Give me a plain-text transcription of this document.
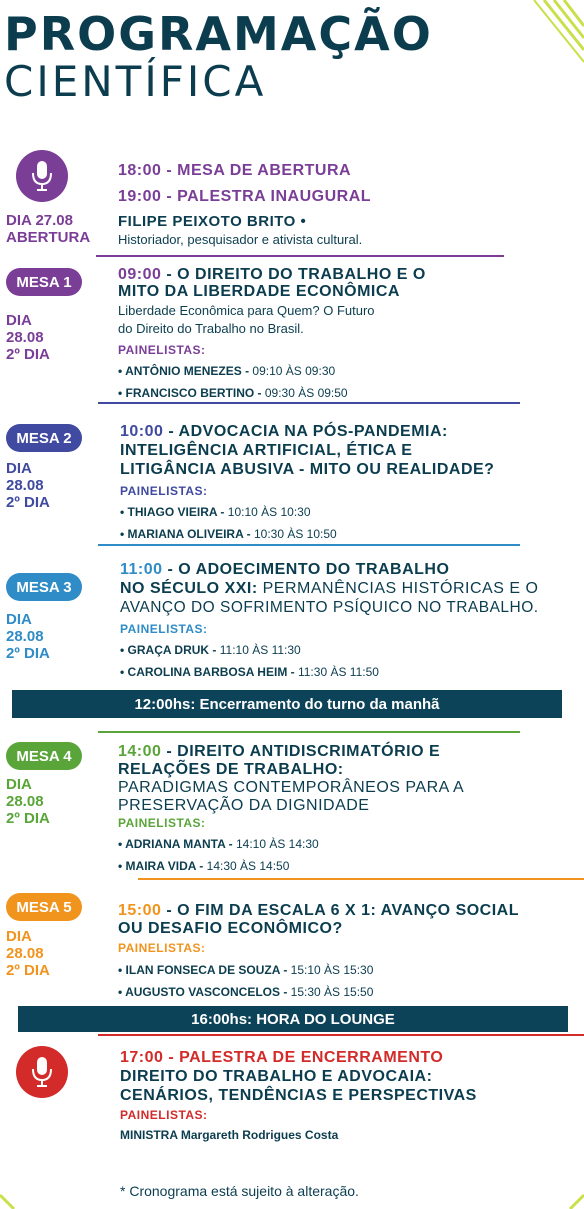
PROGRAMAÇÃO
CIENTÍFICA
DIA 27.08
ABERTURA
18:00 - MESA DE ABERTURA
19:00 - PALESTRA INAUGURAL
FILIPE PEIXOTO BRITO •
Historiador, pesquisador e ativista cultural.
MESA 1
DIA
28.08
2º DIA
09:00 - O DIREITO DO TRABALHO E O
MITO DA LIBERDADE ECONÔMICA
Liberdade Econômica para Quem? O Futuro
do Direito do Trabalho no Brasil.
PAINELISTAS:
• ANTÔNIO MENEZES - 09:10 ÀS 09:30
• FRANCISCO BERTINO - 09:30 ÀS 09:50
MESA 2
DIA
28.08
2º DIA
10:00 - ADVOCACIA NA PÓS-PANDEMIA:
INTELIGÊNCIA ARTIFICIAL, ÉTICA E
LITIGÂNCIA ABUSIVA - MITO OU REALIDADE?
PAINELISTAS:
• THIAGO VIEIRA - 10:10 ÀS 10:30
• MARIANA OLIVEIRA - 10:30 ÀS 10:50
MESA 3
DIA
28.08
2º DIA
11:00 - O ADOECIMENTO DO TRABALHO
NO SÉCULO XXI: PERMANÊNCIAS HISTÓRICAS E O
AVANÇO DO SOFRIMENTO PSÍQUICO NO TRABALHO.
PAINELISTAS:
• GRAÇA DRUK - 11:10 ÀS 11:30
• CAROLINA BARBOSA HEIM - 11:30 ÀS 11:50
12:00hs: Encerramento do turno da manhã
MESA 4
DIA
28.08
2º DIA
14:00 - DIREITO ANTIDISCRIMATÓRIO E
RELAÇÕES DE TRABALHO:
PARADIGMAS CONTEMPORÂNEOS PARA A
PRESERVAÇÃO DA DIGNIDADE
PAINELISTAS:
• ADRIANA MANTA - 14:10 ÀS 14:30
• MAIRA VIDA - 14:30 ÀS 14:50
MESA 5
DIA
28.08
2º DIA
15:00 - O FIM DA ESCALA 6 X 1: AVANÇO SOCIAL
OU DESAFIO ECONÔMICO?
PAINELISTAS:
• ILAN FONSECA DE SOUZA - 15:10 ÀS 15:30
• AUGUSTO VASCONCELOS - 15:30 ÀS 15:50
16:00hs: HORA DO LOUNGE
17:00 - PALESTRA DE ENCERRAMENTO
DIREITO DO TRABALHO E ADVOCAIA:
CENÁRIOS, TENDÊNCIAS E PERSPECTIVAS
PAINELISTAS:
MINISTRA Margareth Rodrigues Costa
* Cronograma está sujeito à alteração.
